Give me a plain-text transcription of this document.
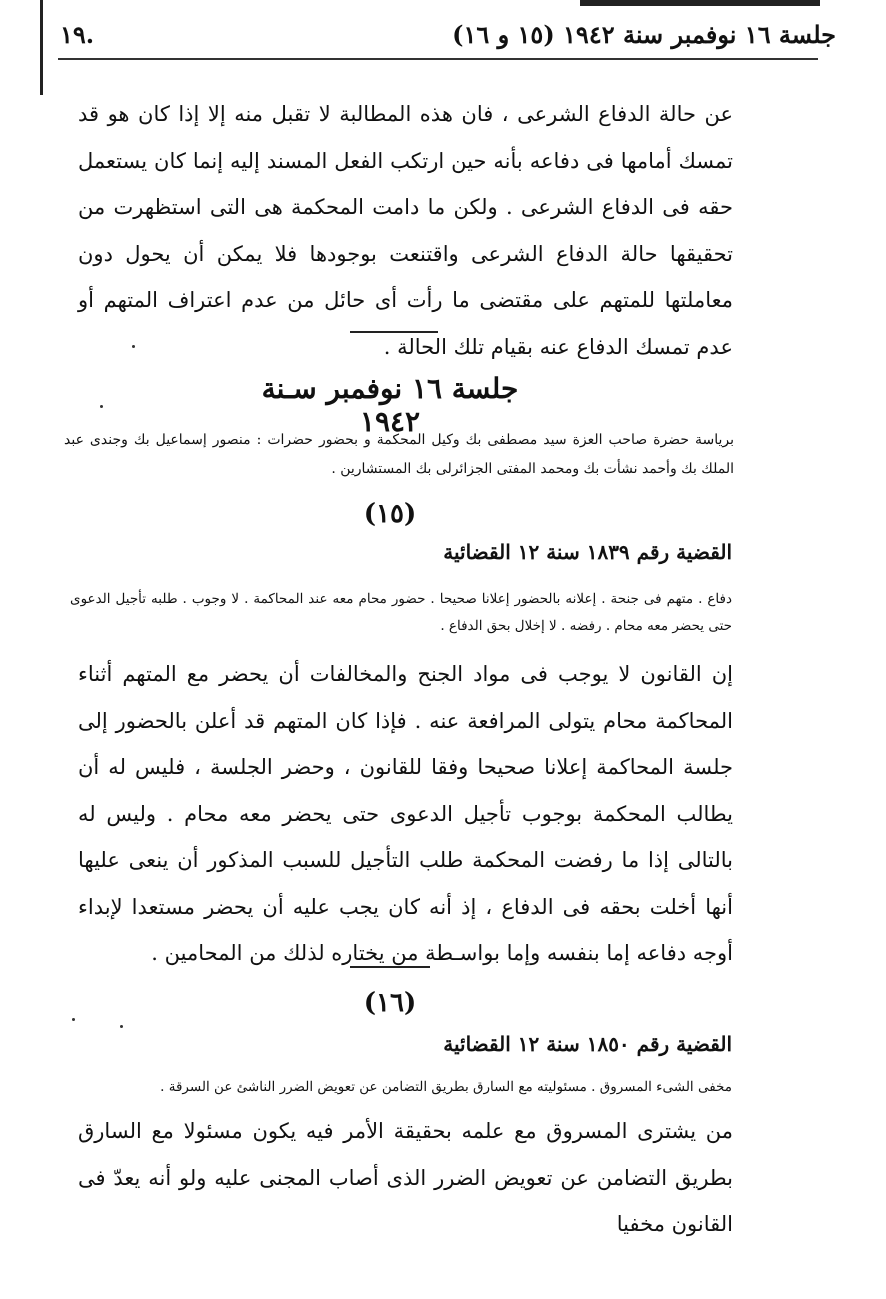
.١٩	جلسة ١٦ نوفمبر سنة ١٩٤٢ (١٥ و ١٦)
عن حالة الدفاع الشرعى ، فان هذه المطالبة لا تقبل منه إلا إذا كان هو قد تمسك أمامها فى دفاعه بأنه حين ارتكب الفعل المسند إليه إنما كان يستعمل حقه فى الدفاع الشرعى . ولكن ما دامت المحكمة هى التى استظهرت من تحقيقها حالة الدفاع الشرعى واقتنعت بوجودها فلا يمكن أن يحول دون معاملتها للمتهم على مقتضى ما رأت أى حائل من عدم اعتراف المتهم أو عدم تمسك الدفاع عنه بقيام تلك الحالة .
جلسة ١٦ نوفمبر سـنة ١٩٤٢
برياسة حضرة صاحب العزة سيد مصطفى بك وكيل المحكمة و بحضور حضرات : منصور إسماعيل بك وجندى عبد الملك بك وأحمد نشأت بك ومحمد المفتى الجزائرلى بك المستشارين .
(١٥)
القضية رقم ١٨٣٩ سنة ١٢ القضائية
دفاع . متهم فى جنحة . إعلانه بالحضور إعلانا صحيحا . حضور محام معه عند المحاكمة . لا وجوب . طلبه تأجيل الدعوى حتى يحضر معه محام . رفضه . لا إخلال بحق الدفاع .
إن القانون لا يوجب فى مواد الجنح والمخالفات أن يحضر مع المتهم أثناء المحاكمة محام يتولى المرافعة عنه . فإذا كان المتهم قد أعلن بالحضور إلى جلسة المحاكمة إعلانا صحيحا وفقا للقانون ، وحضر الجلسة ، فليس له أن يطالب المحكمة بوجوب تأجيل الدعوى حتى يحضر معه محام . وليس له بالتالى إذا ما رفضت المحكمة طلب التأجيل للسبب المذكور أن ينعى عليها أنها أخلت بحقه فى الدفاع ، إذ أنه كان يجب عليه أن يحضر مستعدا لإبداء أوجه دفاعه إما بنفسه وإما بواسـطة من يختاره لذلك من المحامين .
(١٦)
القضية رقم ١٨٥٠ سنة ١٢ القضائية
مخفى الشىء المسروق . مسئوليته مع السارق بطريق التضامن عن تعويض الضرر الناشئ عن السرقة .
من يشترى المسروق مع علمه بحقيقة الأمر فيه يكون مسئولا مع السارق بطريق التضامن عن تعويض الضرر الذى أصاب المجنى عليه ولو أنه يعدّ فى القانون مخفيا
